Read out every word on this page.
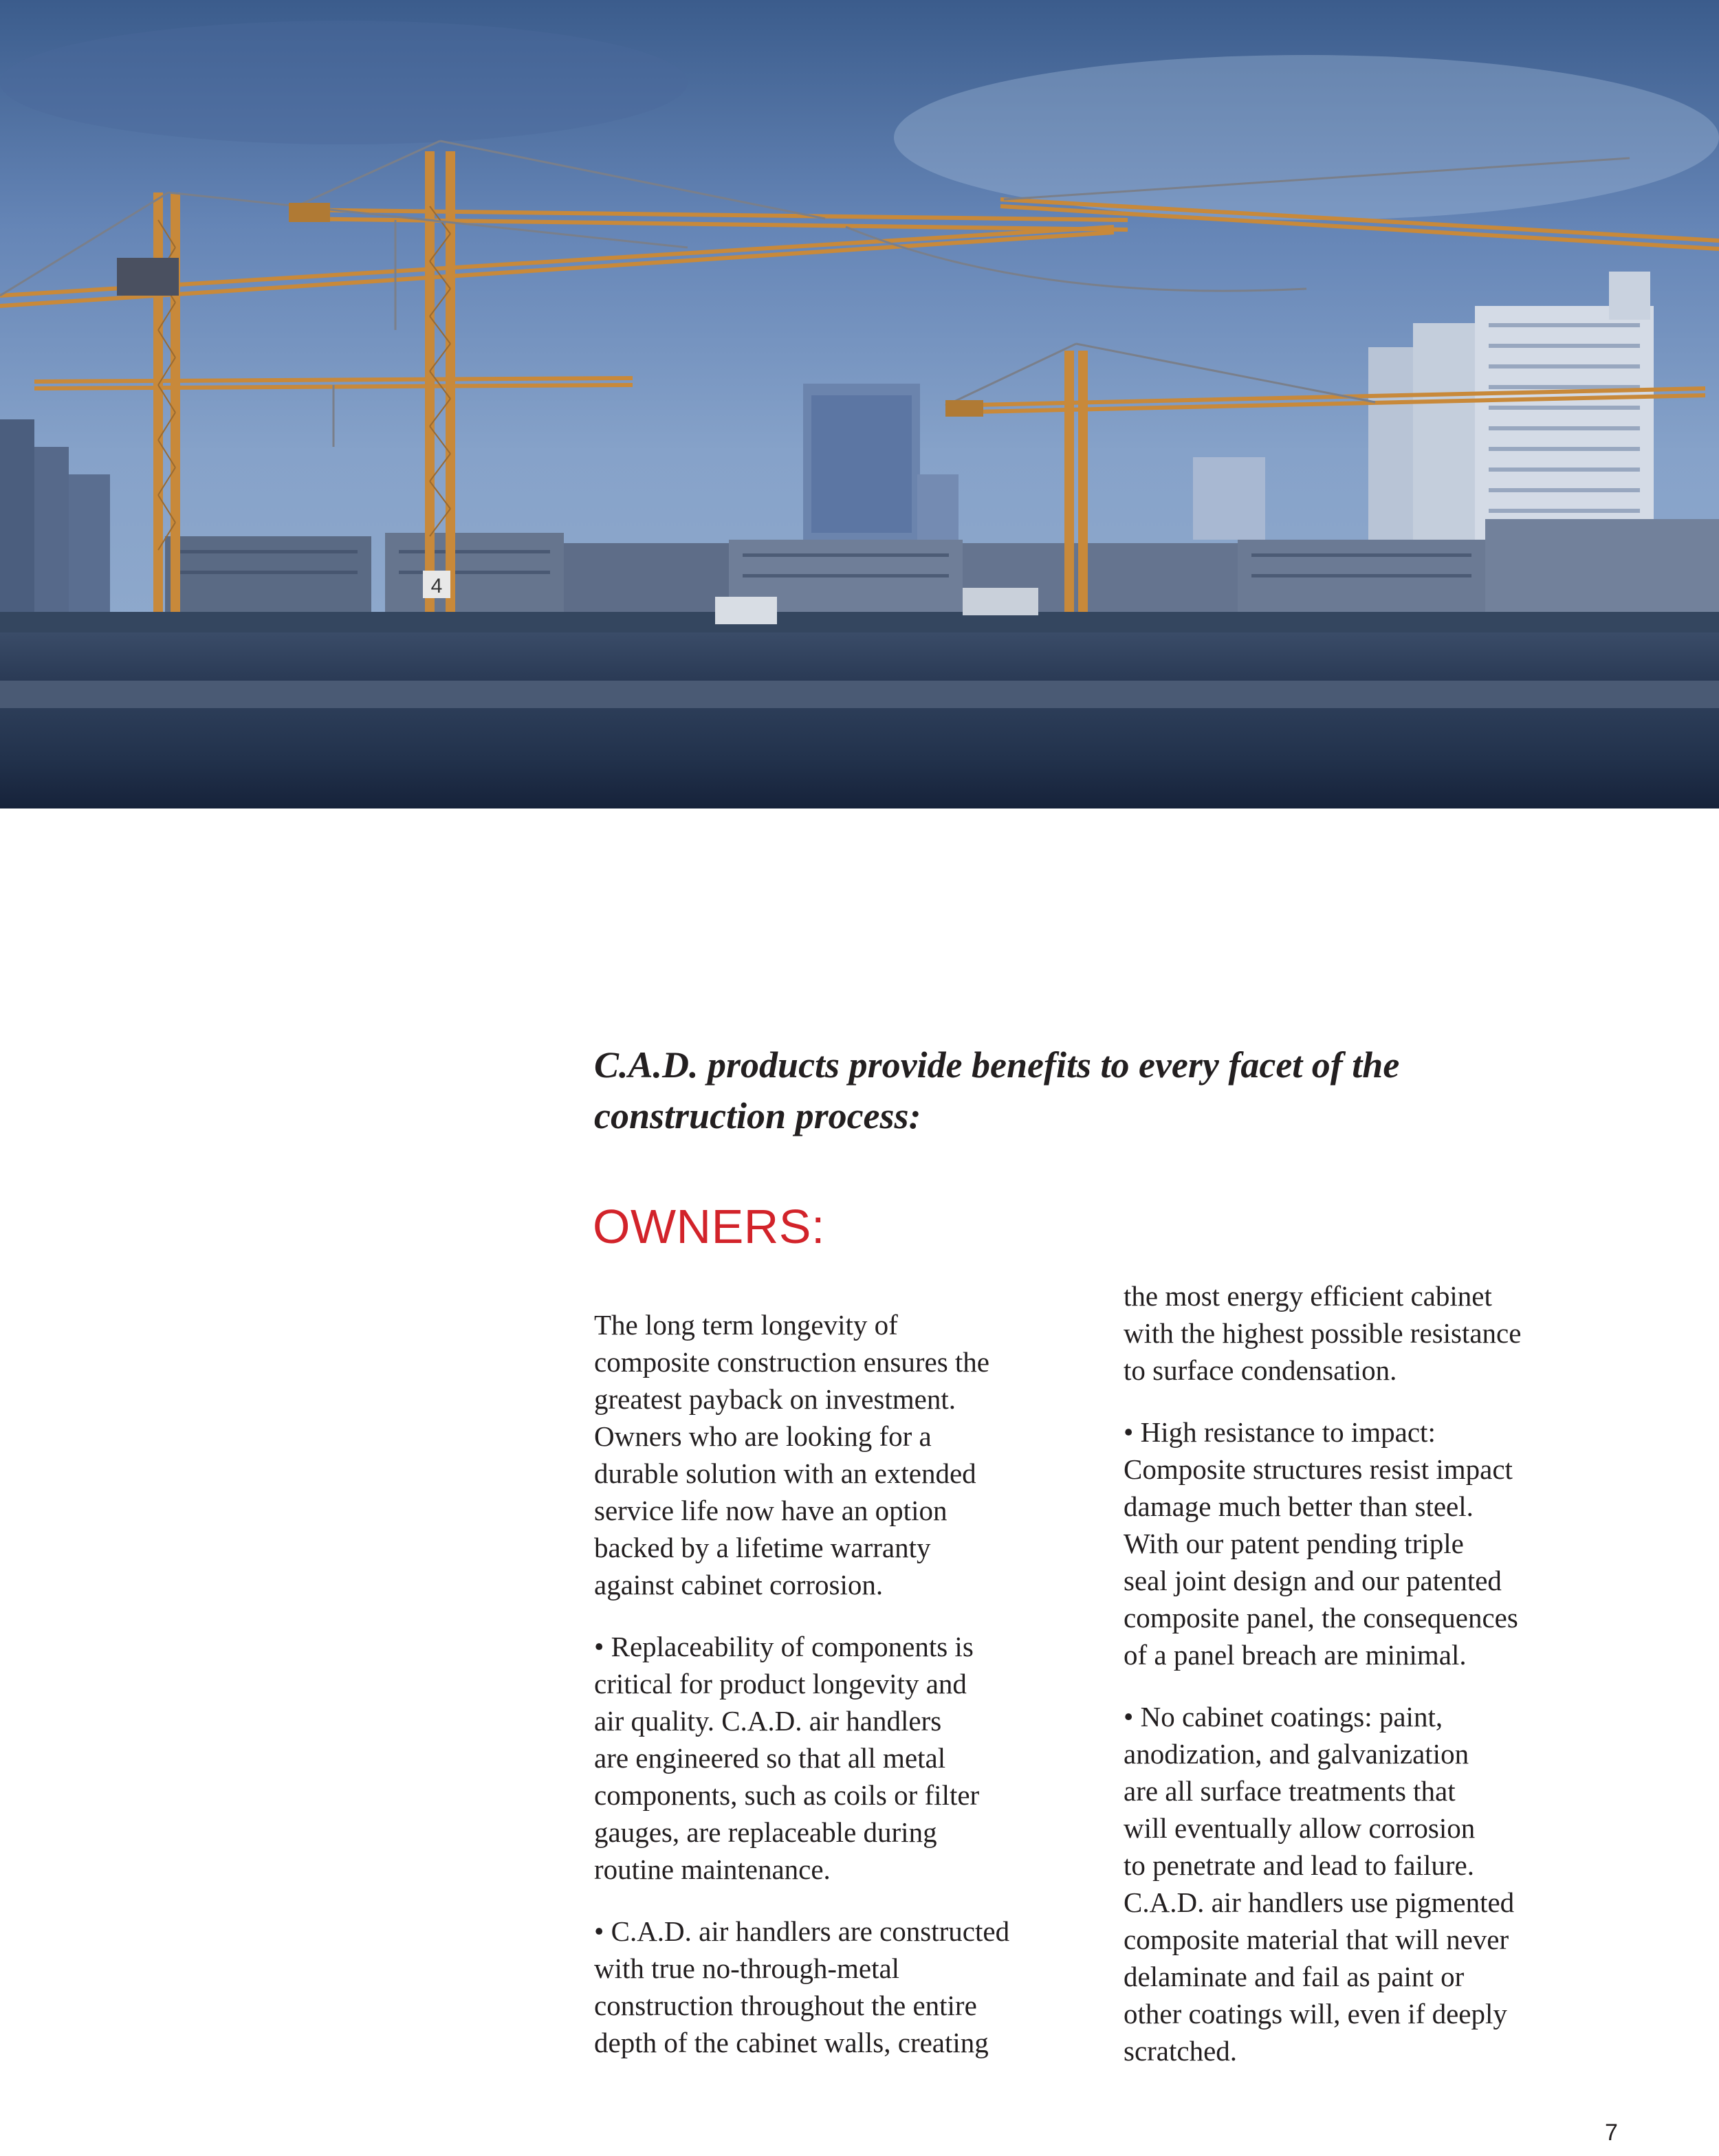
4
C.A.D. products provide benefits to every facet of the
construction process:
OWNERS:

The long term longevity of
composite construction ensures the
greatest payback on investment.
Owners who are looking for a
durable solution with an extended
service life now have an option
backed by a lifetime warranty
against cabinet corrosion.

• Replaceability of components is
critical for product longevity and
air quality. C.A.D. air handlers
are engineered so that all metal
components, such as coils or filter
gauges, are replaceable during
routine maintenance.

• C.A.D. air handlers are constructed
with true no-through-metal
construction throughout the entire
depth of the cabinet walls, creating

the most energy efficient cabinet
with the highest possible resistance
to surface condensation.

• High resistance to impact:
Composite structures resist impact
damage much better than steel.
With our patent pending triple
seal joint design and our patented
composite panel, the consequences
of a panel breach are minimal.

• No cabinet coatings: paint,
anodization, and galvanization
are all surface treatments that
will eventually allow corrosion
to penetrate and lead to failure.
C.A.D. air handlers use pigmented
composite material that will never
delaminate and fail as paint or
other coatings will, even if deeply
scratched.

7
